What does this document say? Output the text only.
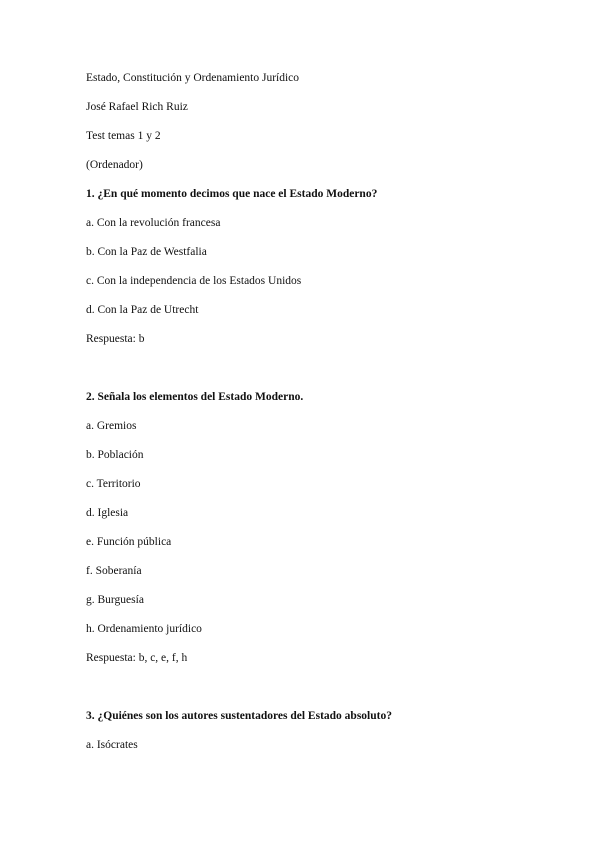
Estado, Constitución y Ordenamiento Jurídico
José Rafael Rich Ruiz
Test temas 1 y 2
(Ordenador)
1. ¿En qué momento decimos que nace el Estado Moderno?
a. Con la revolución francesa
b. Con la Paz de Westfalia
c. Con la independencia de los Estados Unidos
d. Con la Paz de Utrecht
Respuesta: b
2. Señala los elementos del Estado Moderno.
a. Gremios
b. Población
c. Territorio
d. Iglesia
e. Función pública
f. Soberanía
g. Burguesía
h. Ordenamiento jurídico
Respuesta: b, c, e, f, h
3. ¿Quiénes son los autores sustentadores del Estado absoluto?
a. Isócrates
